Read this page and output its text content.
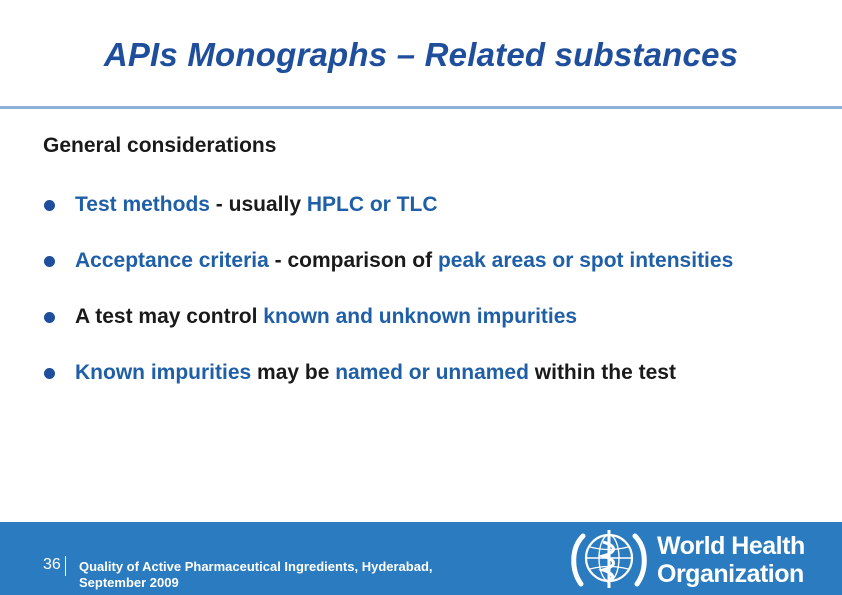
APIs Monographs – Related substances
General considerations
Test methods - usually HPLC or TLC
Acceptance criteria - comparison of peak areas or spot intensities
A test may control known and unknown impurities
Known impurities may be named or unnamed within the test
36 Quality of Active Pharmaceutical Ingredients, Hyderabad, September 2009
World Health
Organization
